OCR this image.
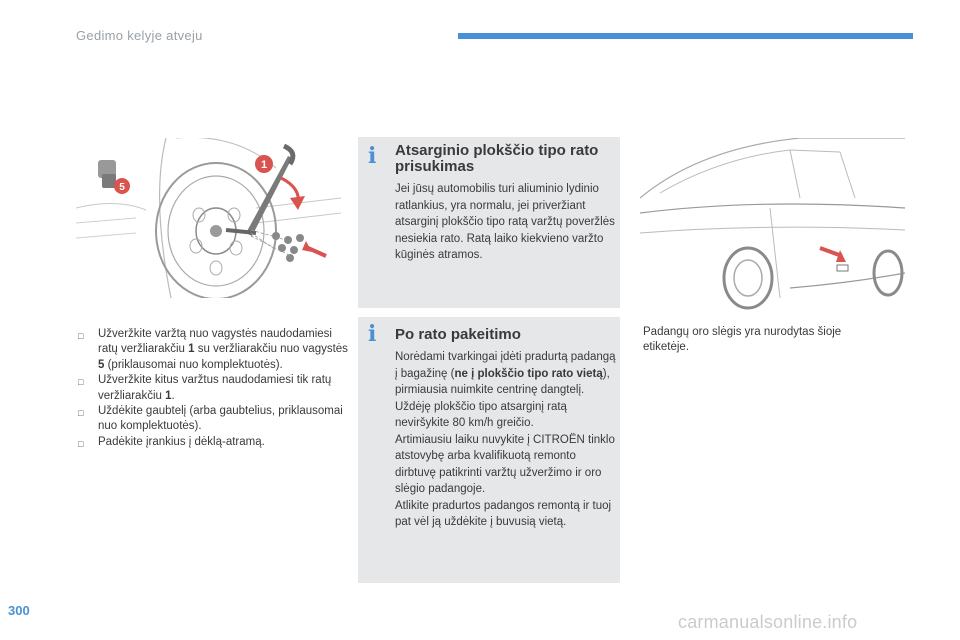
Gedimo kelyje atveju
1
5

□ Užveržkite varžtą nuo vagystės naudodamiesi ratų veržliarakčiu 1 su veržliarakčiu nuo vagystės 5 (priklausomai nuo komplektuotės).

□ Užveržkite kitus varžtus naudodamiesi tik ratų veržliarakčiu 1.

□ Uždėkite gaubtelį (arba gaubtelius, priklausomai nuo komplektuotės).

□ Padėkite įrankius į dėklą-atramą.

i Atsarginio plokščio tipo rato prisukimas
Jei jūsų automobilis turi aliuminio lydinio ratlankius, yra normalu, jei priveržiant atsarginį plokščio tipo ratą varžtų poveržlės nesiekia rato. Ratą laiko kiekvieno varžto kūginės atramos.
i Po rato pakeitimo

Norėdami tvarkingai įdėti pradurtą padangą į bagažinę (ne į plokščio tipo rato vietą), pirmiausia nuimkite centrinę dangtelį.

Uždėję plokščio tipo atsarginį ratą neviršykite 80 km/h greičio.

Artimiausiu laiku nuvykite į CITROËN tinklo atstovybę arba kvalifikuotą remonto dirbtuvę patikrinti varžtų užveržimo ir oro slėgio padangoje.

Atlikite pradurtos padangos remontą ir tuoj pat vėl ją uždėkite į buvusią vietą.

Padangų oro slėgis yra nurodytas šioje etiketėje.
300
carmanualsonline.info
